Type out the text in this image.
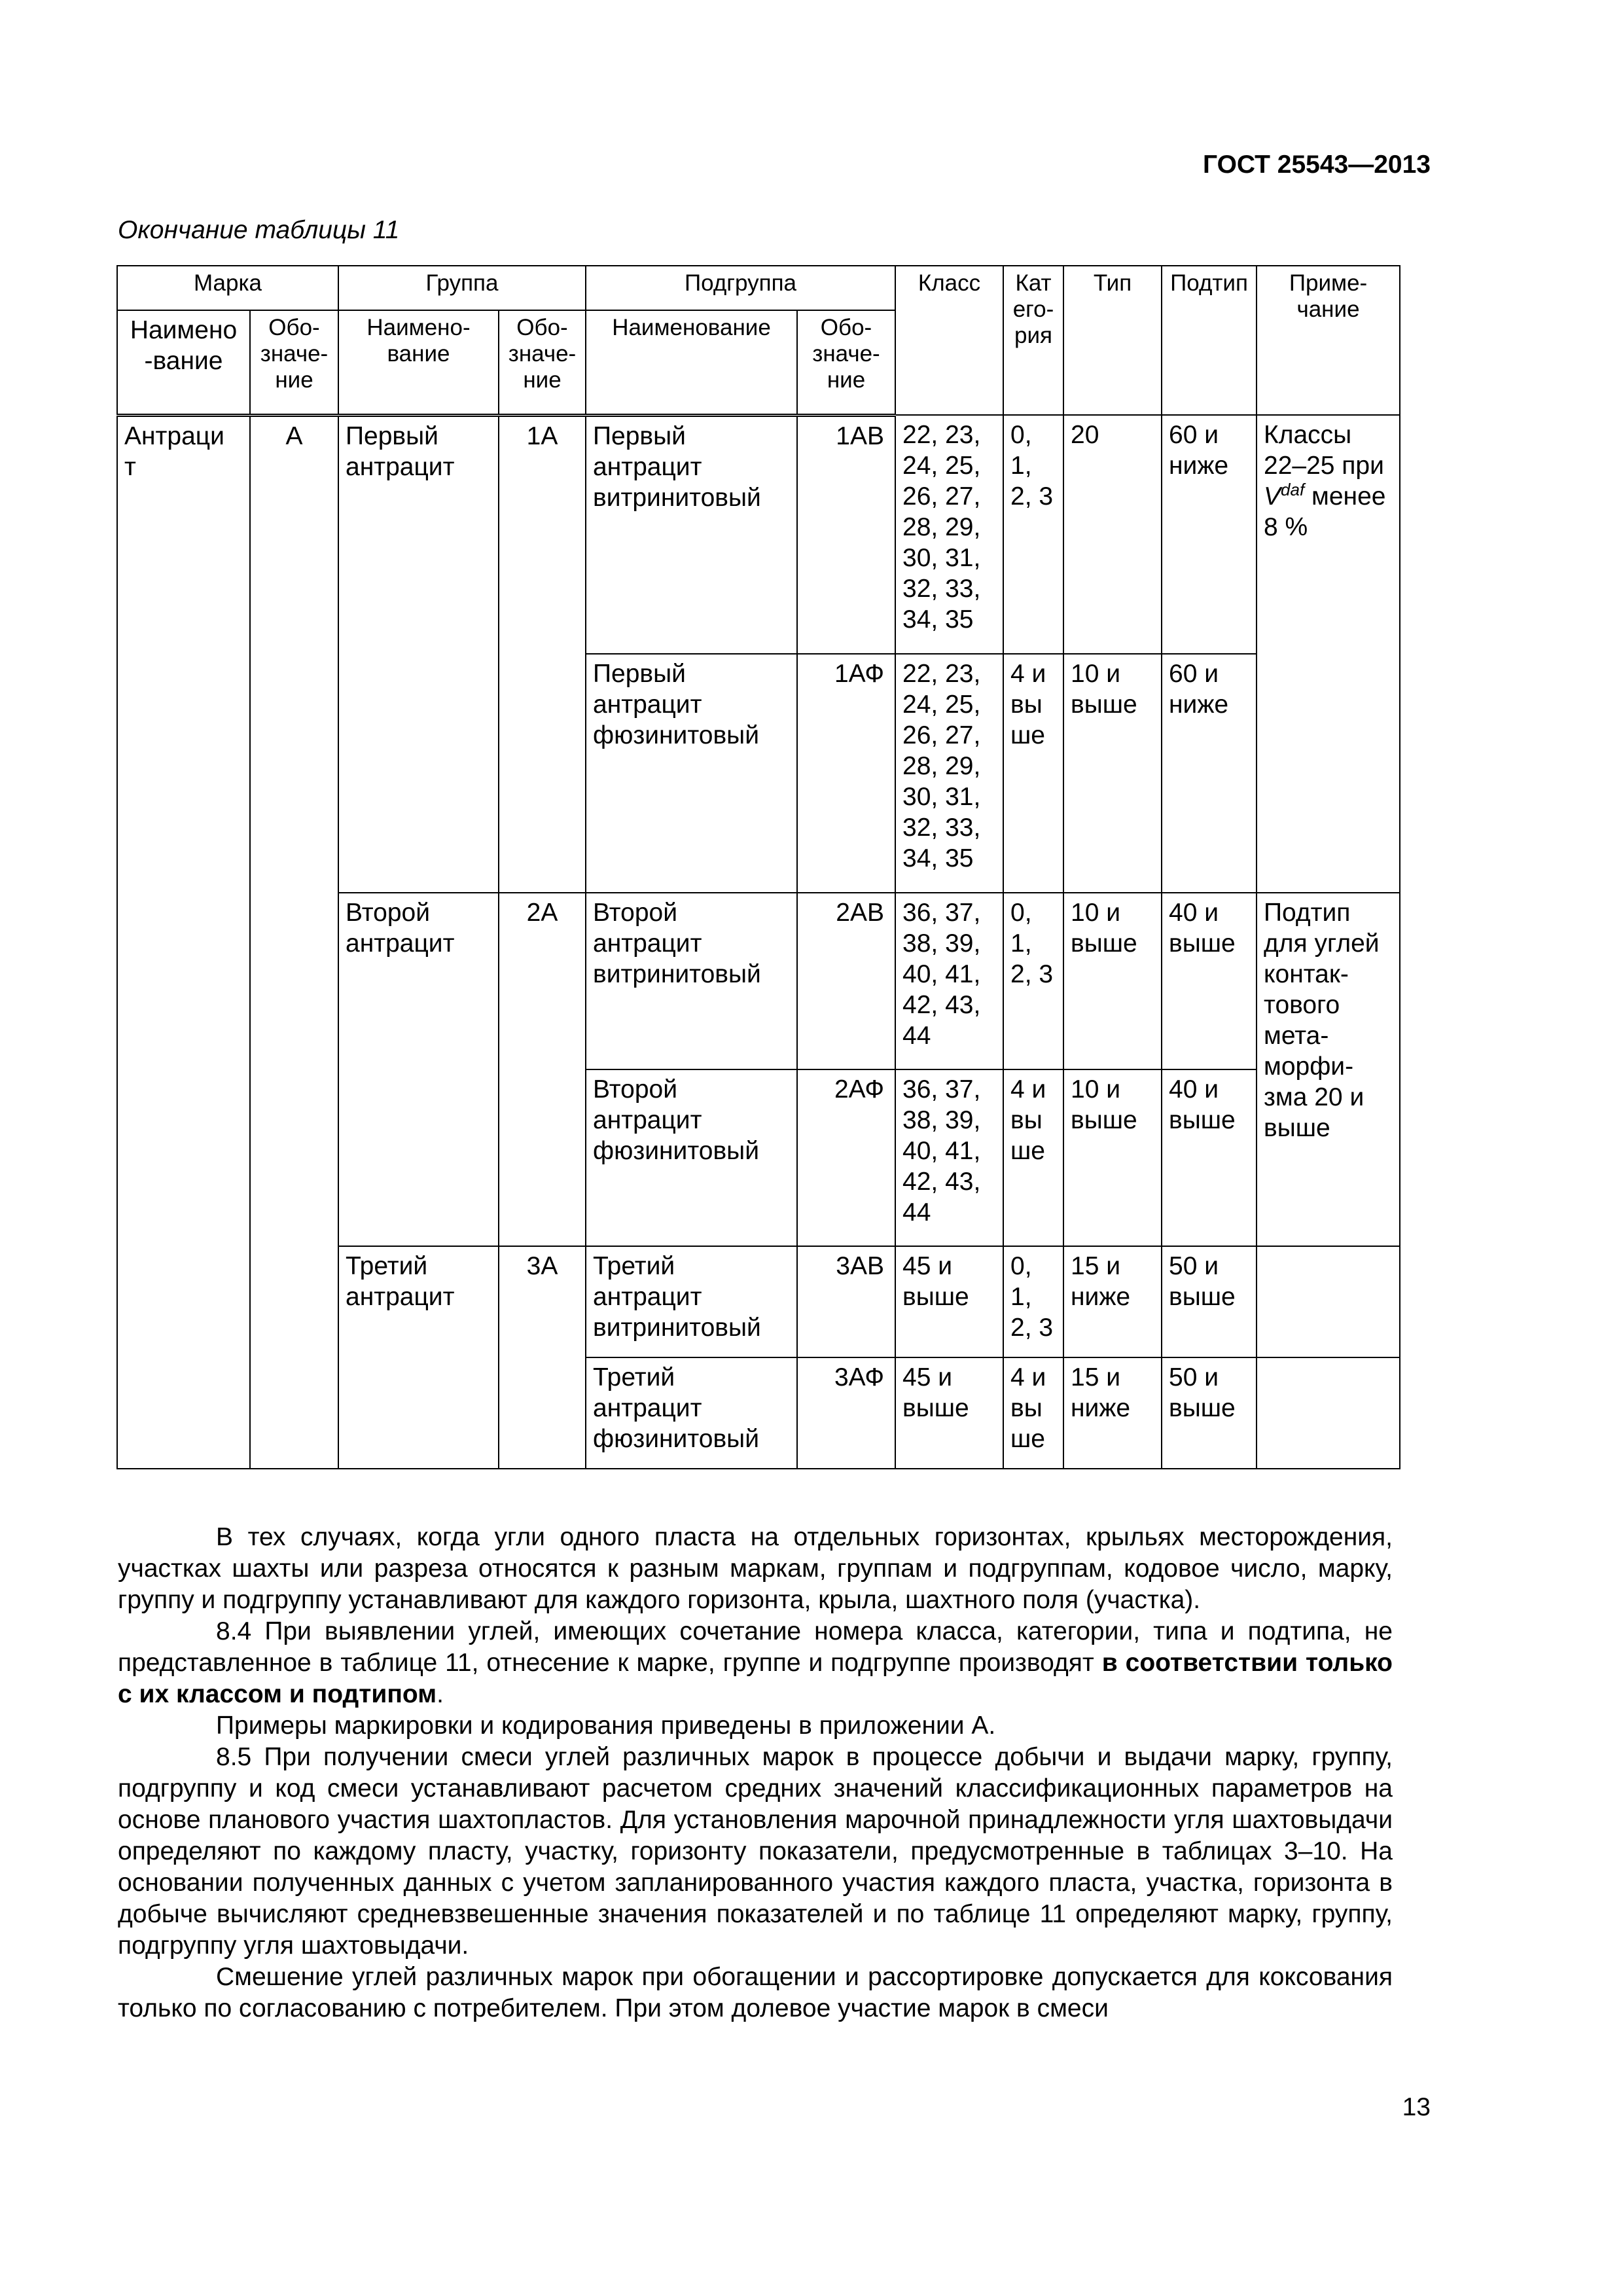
ГОСТ 25543—2013
Окончание таблицы 11
Марка		Группа		Подгруппа		Класс	Кат его- рия	Тип	Подтип	Приме- чание
Наимено -вание	Обо- значе- ние	Наимено- вание	Обо- значе- ние	Наименование	Обо- значе- ние					
Антраци т	А	Первый антрацит	1А	Первый антрацит витринитовый	1АВ	22, 23, 24, 25, 26, 27, 28, 29, 30, 31, 32, 33, 34, 35	0, 1, 2, 3	20	60 и ниже	Классы 22–25 при $V^{daf}$ менее 8 %
				Первый антрацит фюзинитовый	1АФ	22, 23, 24, 25, 26, 27, 28, 29, 30, 31, 32, 33, 34, 35	4 и вы ше	10 и выше	60 и ниже	
		Второй антрацит	2А	Второй антрацит витринитовый	2АВ	36, 37, 38, 39, 40, 41, 42, 43, 44	0, 1, 2, 3	10 и выше	40 и выше	Подтип для углей контак- тового мета- морфи- зма 20 и выше
				Второй антрацит фюзинитовый	2АФ	36, 37, 38, 39, 40, 41, 42, 43, 44	4 и вы ше	10 и выше	40 и выше	
		Третий антрацит	3А	Третий антрацит витринитовый	3АВ	45 и выше	0, 1, 2, 3	15 и ниже	50 и выше	
				Третий антрацит фюзинитовый	3АФ	45 и выше	4 и вы ше	15 и ниже	50 и выше	

В тех случаях, когда угли одного пласта на отдельных горизонтах, крыльях месторождения, участках шахты или разреза относятся к разным маркам, группам и подгруппам, кодовое число, марку, группу и подгруппу устанавливают для каждого горизонта, крыла, шахтного поля (участка).

8.4 При выявлении углей, имеющих сочетание номера класса, категории, типа и подтипа, не представленное в таблице 11, отнесение к марке, группе и подгруппе производят в соответствии только с их классом и подтипом.

Примеры маркировки и кодирования приведены в приложении А.

8.5 При получении смеси углей различных марок в процессе добычи и выдачи марку, группу, подгруппу и код смеси устанавливают расчетом средних значений классификационных параметров на основе планового участия шахтопластов. Для установления марочной принадлежности угля шахтовыдачи определяют по каждому пласту, участку, горизонту показатели, предусмотренные в таблицах 3–10. На основании полученных данных с учетом запланированного участия каждого пласта, участка, горизонта в добыче вычисляют средневзвешенные значения показателей и по таблице 11 определяют марку, группу, подгруппу угля шахтовыдачи.

Смешение углей различных марок при обогащении и рассортировке допускается для коксования только по согласованию с потребителем. При этом долевое участие марок в смеси

13
